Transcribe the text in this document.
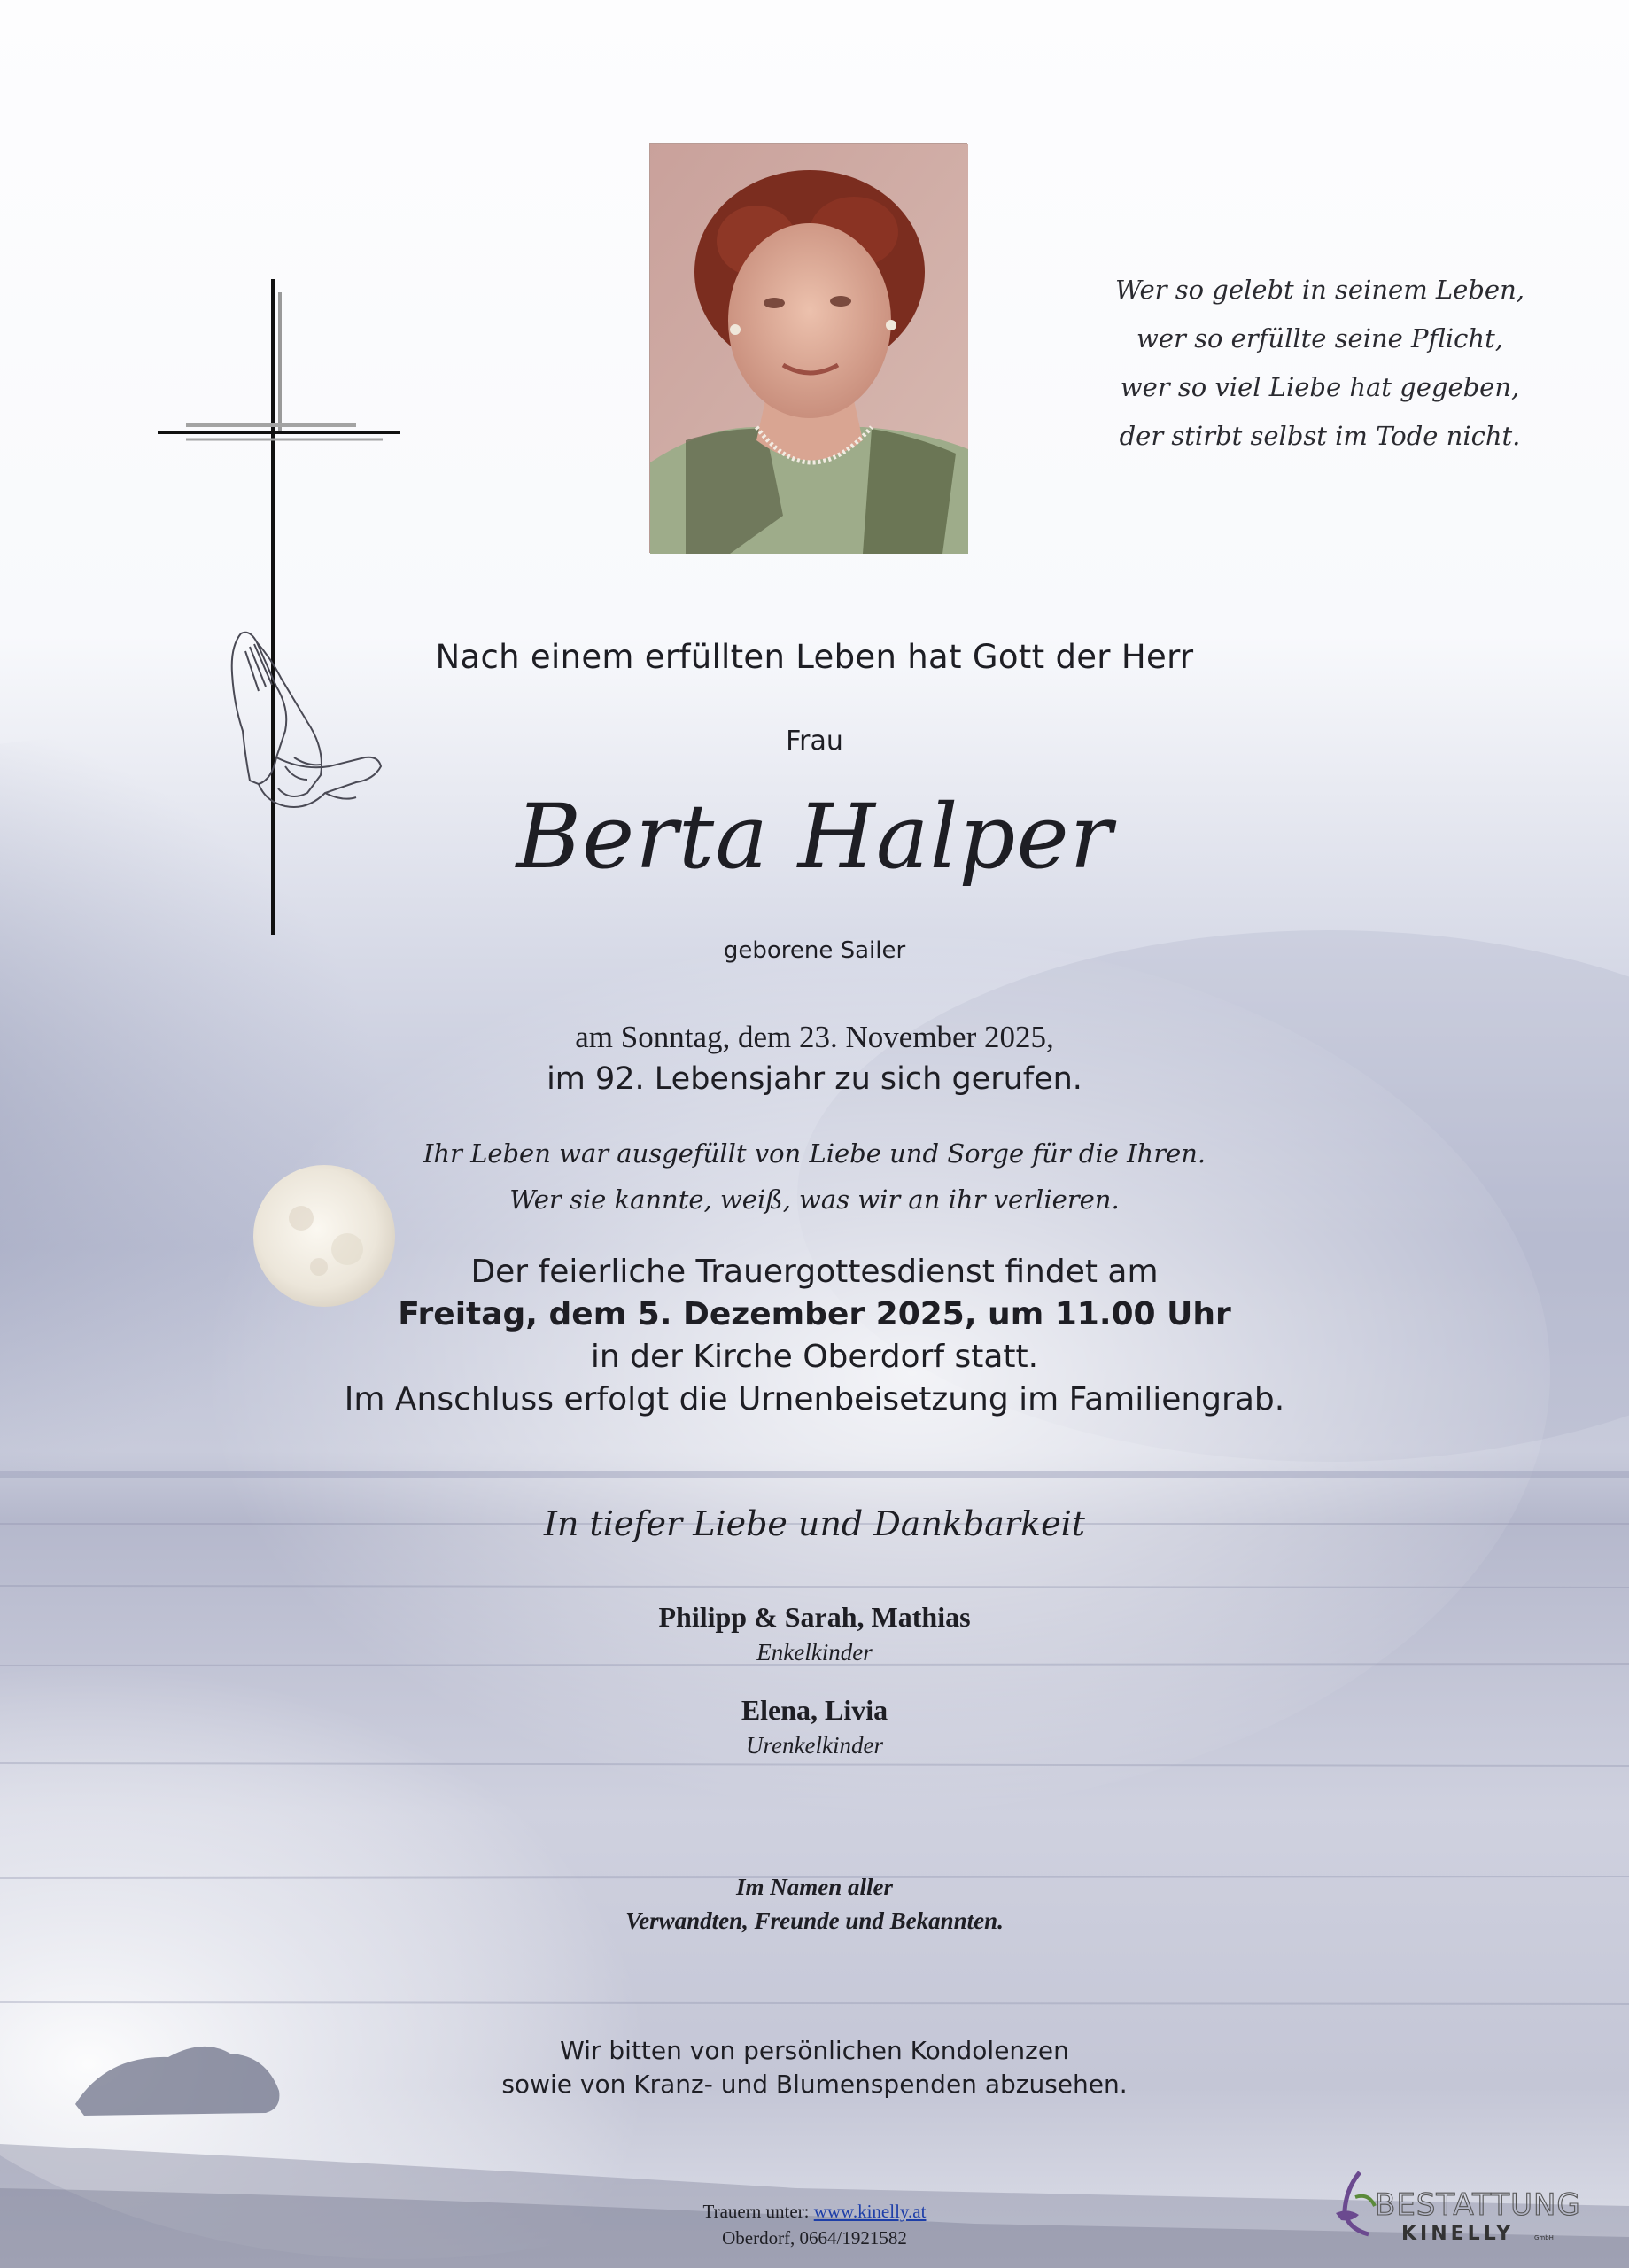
Wer so gelebt in seinem Leben,
wer so erfüllte seine Pflicht,
wer so viel Liebe hat gegeben,
der stirbt selbst im Tode nicht.
Nach einem erfüllten Leben hat Gott der Herr
Frau
Berta Halper
geborene Sailer
am Sonntag, dem 23. November 2025,
im 92. Lebensjahr zu sich gerufen.
Ihr Leben war ausgefüllt von Liebe und Sorge für die Ihren.
Wer sie kannte, weiß, was wir an ihr verlieren.
Der feierliche Trauergottesdienst findet am
Freitag, dem 5. Dezember 2025, um 11.00 Uhr
in der Kirche Oberdorf statt.
Im Anschluss erfolgt die Urnenbeisetzung im Familiengrab.
In tiefer Liebe und Dankbarkeit
Philipp & Sarah, Mathias
Enkelkinder
Elena, Livia
Urenkelkinder
Im Namen aller
Verwandten, Freunde und Bekannten.
Wir bitten von persönlichen Kondolenzen
sowie von Kranz- und Blumenspenden abzusehen.
Trauern unter: www.kinelly.at
Oberdorf, 0664/1921582
BESTATTUNG
KINELLY	GmbH
